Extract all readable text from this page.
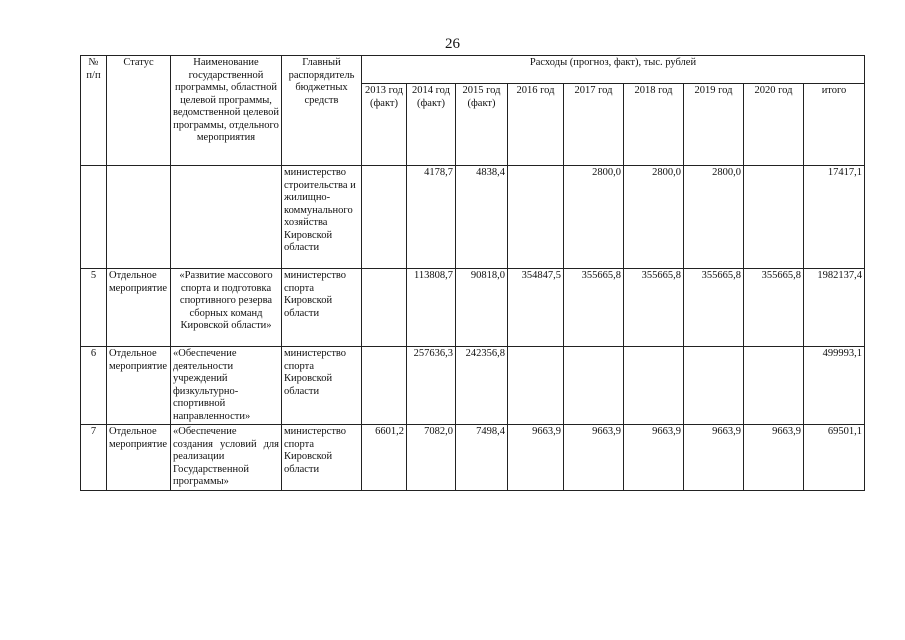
26
№ п/п	Статус	Наименование государственной программы, областной целевой программы, ведомственной целевой программы, отдельного мероприятия	Главный распорядитель бюджетных средств	Расходы (прогноз, факт), тыс. рублей								
				2013 год (факт)	2014 год (факт)	2015 год (факт)	2016 год	2017 год	2018 год	2019 год	2020 год	итого
			министерство строительства и жилищно-коммунального хозяйства Кировской области		4178,7	4838,4		2800,0	2800,0	2800,0		17417,1
5	Отдельное мероприятие	«Развитие массового спорта и подготовка спортивного резерва сборных команд Кировской области»	министерство спорта Кировской области		113808,7	90818,0	354847,5	355665,8	355665,8	355665,8	355665,8	1982137,4
6	Отдельное мероприятие	«Обеспечение деятельности учреждений физкультурно-спортивной направленности»	министерство спорта Кировской области		257636,3	242356,8						499993,1
7	Отдельное мероприятие	«Обеспечение создания условий для реализации Государственной программы»	министерство спорта Кировской области	6601,2	7082,0	7498,4	9663,9	9663,9	9663,9	9663,9	9663,9	69501,1
